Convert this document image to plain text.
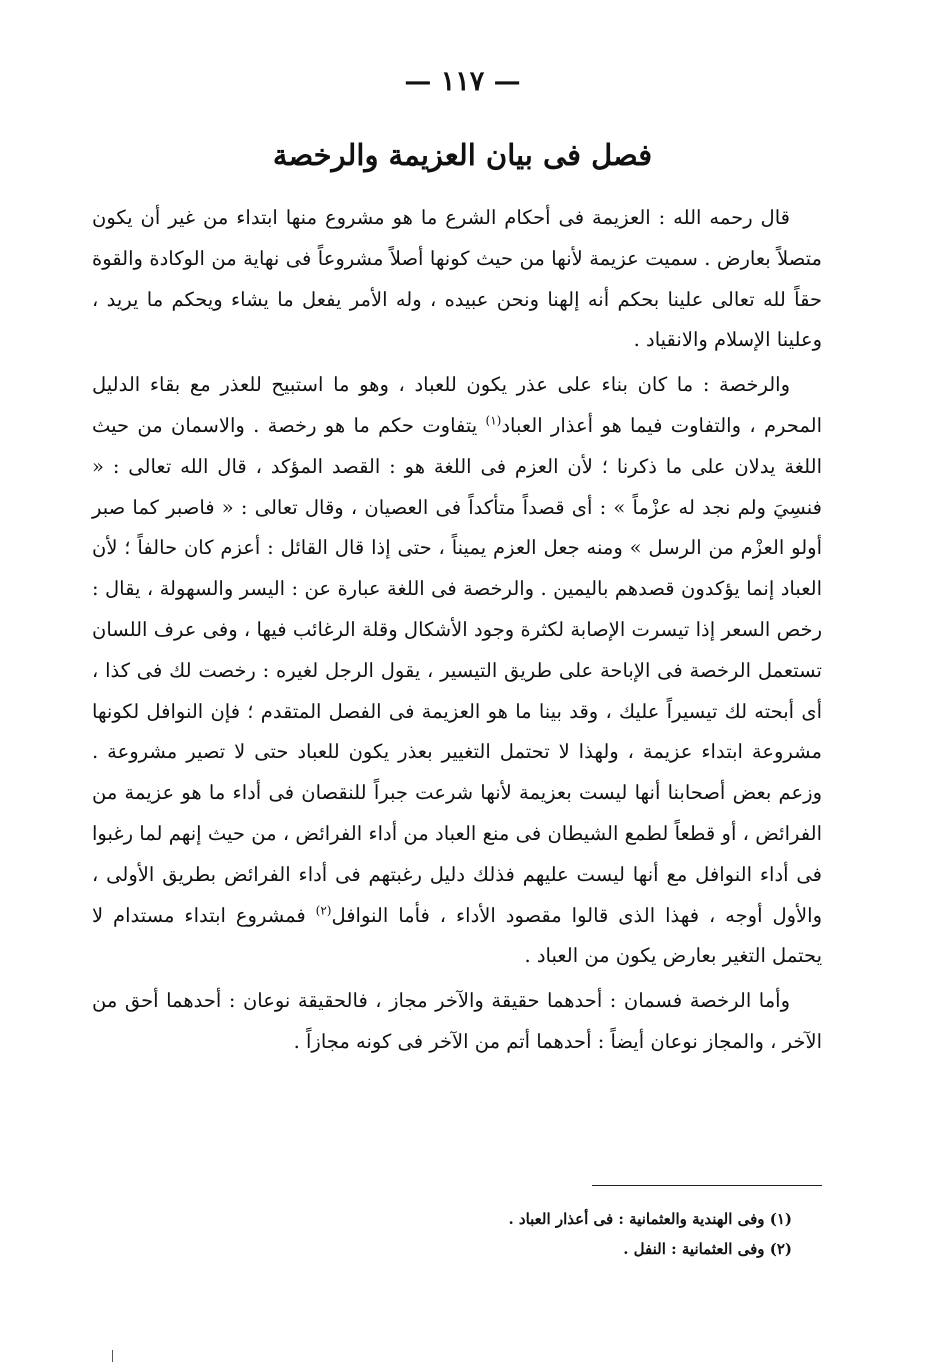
— ١١٧ —
فصل فى بيان العزيمة والرخصة

قال رحمه الله : العزيمة فى أحكام الشرع ما هو مشروع منها ابتداء من غير أن يكون متصلاً بعارض . سميت عزيمة لأنها من حيث كونها أصلاً مشروعاً فى نهاية من الوكادة والقوة حقاً لله تعالى علينا بحكم أنه إلهنا ونحن عبيده ، وله الأمر يفعل ما يشاء ويحكم ما يريد ، وعلينا الإسلام والانقياد .

والرخصة : ما كان بناء على عذر يكون للعباد ، وهو ما استبيح للعذر مع بقاء الدليل المحرم ، والتفاوت فيما هو أعذار العباد$^{(١)}$ يتفاوت حكم ما هو رخصة . والاسمان من حيث اللغة يدلان على ما ذكرنا ؛ لأن العزم فى اللغة هو : القصد المؤكد ، قال الله تعالى : « فنسِيَ ولم نجد له عزْماً » : أى قصداً متأكداً فى العصيان ، وقال تعالى : « فاصبر كما صبر أولو العزْم من الرسل » ومنه جعل العزم يميناً ، حتى إذا قال القائل : أعزم كان حالفاً ؛ لأن العباد إنما يؤكدون قصدهم باليمين . والرخصة فى اللغة عبارة عن : اليسر والسهولة ، يقال : رخص السعر إذا تيسرت الإصابة لكثرة وجود الأشكال وقلة الرغائب فيها ، وفى عرف اللسان تستعمل الرخصة فى الإباحة على طريق التيسير ، يقول الرجل لغيره : رخصت لك فى كذا ، أى أبحته لك تيسيراً عليك ، وقد بينا ما هو العزيمة فى الفصل المتقدم ؛ فإن النوافل لكونها مشروعة ابتداء عزيمة ، ولهذا لا تحتمل التغيير بعذر يكون للعباد حتى لا تصير مشروعة . وزعم بعض أصحابنا أنها ليست بعزيمة لأنها شرعت جبراً للنقصان فى أداء ما هو عزيمة من الفرائض ، أو قطعاً لطمع الشيطان فى منع العباد من أداء الفرائض ، من حيث إنهم لما رغبوا فى أداء النوافل مع أنها ليست عليهم فذلك دليل رغبتهم فى أداء الفرائض بطريق الأولى ، والأول أوجه ، فهذا الذى قالوا مقصود الأداء ، فأما النوافل$^{(٢)}$ فمشروع ابتداء مستدام لا يحتمل التغير بعارض يكون من العباد .

وأما الرخصة فسمان : أحدهما حقيقة والآخر مجاز ، فالحقيقة نوعان : أحدهما أحق من الآخر ، والمجاز نوعان أيضاً : أحدهما أتم من الآخر فى كونه مجازاً .

(١) وفى الهندية والعثمانية : فى أعذار العباد .

(٢) وفى العثمانية : النفل .
